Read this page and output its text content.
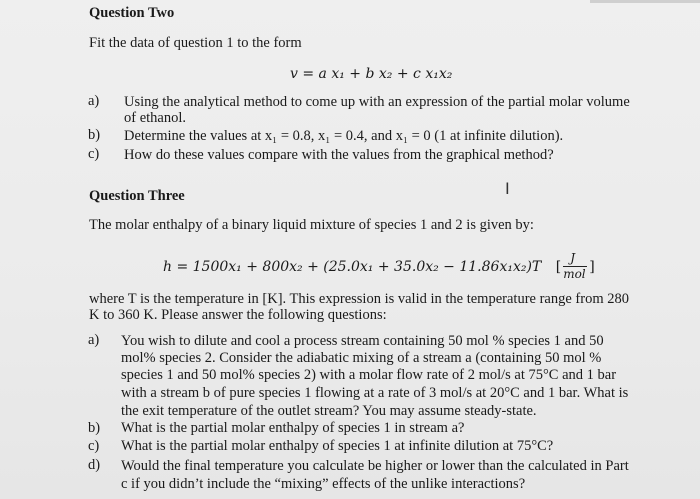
Question Two
Fit the data of question 1 to the form
v = a x₁ + b x₂ + c x₁x₂
a) Using the analytical method to come up with an expression of the partial molar volume
of ethanol.
b) Determine the values at x₁ = 0.8, x₁ = 0.4, and x₁ = 0 (1 at infinite dilution).
c) How do these values compare with the values from the graphical method?
Question Three	I
The molar enthalpy of a binary liquid mixture of species 1 and 2 is given by:
h = 1500x₁ + 800x₂ + (25.0x₁ + 35.0x₂ − 11.86x₁x₂)T [ $\frac{J}{\text{mol}}$ ]
where T is the temperature in [K]. This expression is valid in the temperature range from 280
K to 360 K. Please answer the following questions:
a) You wish to dilute and cool a process stream containing 50 mol % species 1 and 50
mol% species 2. Consider the adiabatic mixing of a stream a (containing 50 mol %
species 1 and 50 mol% species 2) with a molar flow rate of 2 mol/s at 75°C and 1 bar
with a stream b of pure species 1 flowing at a rate of 3 mol/s at 20°C and 1 bar. What is
the exit temperature of the outlet stream? You may assume steady-state.
b) What is the partial molar enthalpy of species 1 in stream a?
c) What is the partial molar enthalpy of species 1 at infinite dilution at 75°C?
d) Would the final temperature you calculate be higher or lower than the calculated in Part
c if you didn’t include the “mixing” effects of the unlike interactions?
